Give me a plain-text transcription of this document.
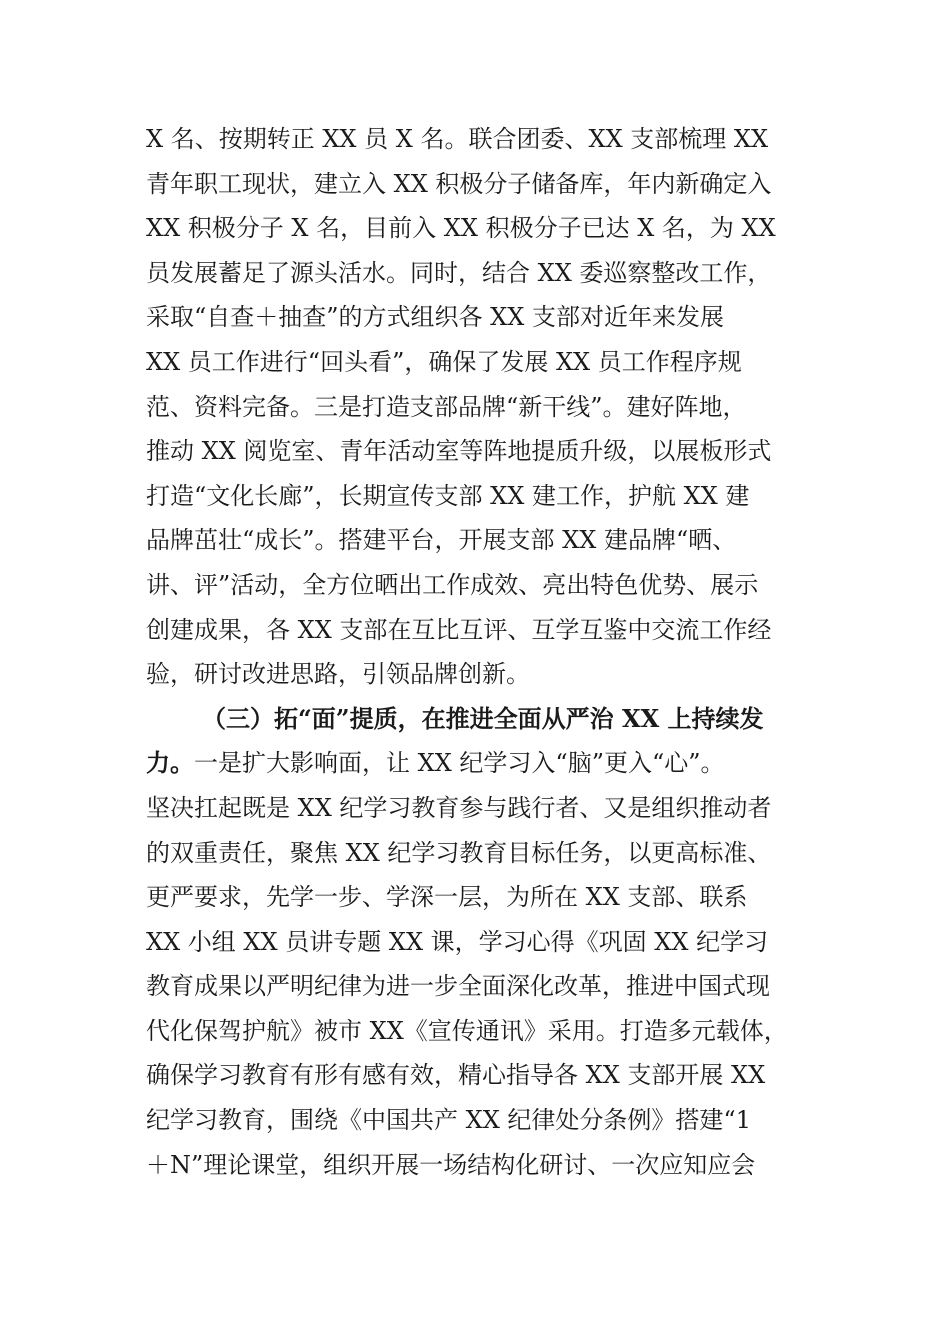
X 名、按期转正 XX 员 X 名。联合团委、XX 支部梳理 XX
青年职工现状，建立入 XX 积极分子储备库，年内新确定入
XX 积极分子 X 名，目前入 XX 积极分子已达 X 名，为 XX
员发展蓄足了源头活水。同时，结合 XX 委巡察整改工作，
采取“自查＋抽查”的方式组织各 XX 支部对近年来发展
XX 员工作进行“回头看”，确保了发展 XX 员工作程序规
范、资料完备。三是打造支部品牌“新干线”。建好阵地，
推动 XX 阅览室、青年活动室等阵地提质升级，以展板形式
打造“文化长廊”，长期宣传支部 XX 建工作，护航 XX 建
品牌茁壮“成长”。搭建平台，开展支部 XX 建品牌“晒、
讲、评”活动，全方位晒出工作成效、亮出特色优势、展示
创建成果，各 XX 支部在互比互评、互学互鉴中交流工作经
验，研讨改进思路，引领品牌创新。
（三）拓“面”提质，在推进全面从严治 XX 上持续发
力。一是扩大影响面，让 XX 纪学习入“脑”更入“心”。
坚决扛起既是 XX 纪学习教育参与践行者、又是组织推动者
的双重责任，聚焦 XX 纪学习教育目标任务，以更高标准、
更严要求，先学一步、学深一层，为所在 XX 支部、联系
XX 小组 XX 员讲专题 XX 课，学习心得《巩固 XX 纪学习
教育成果以严明纪律为进一步全面深化改革，推进中国式现
代化保驾护航》被市 XX《宣传通讯》采用。打造多元载体，
确保学习教育有形有感有效，精心指导各 XX 支部开展 XX
纪学习教育，围绕《中国共产 XX 纪律处分条例》搭建“1
＋N”理论课堂，组织开展一场结构化研讨、一次应知应会
